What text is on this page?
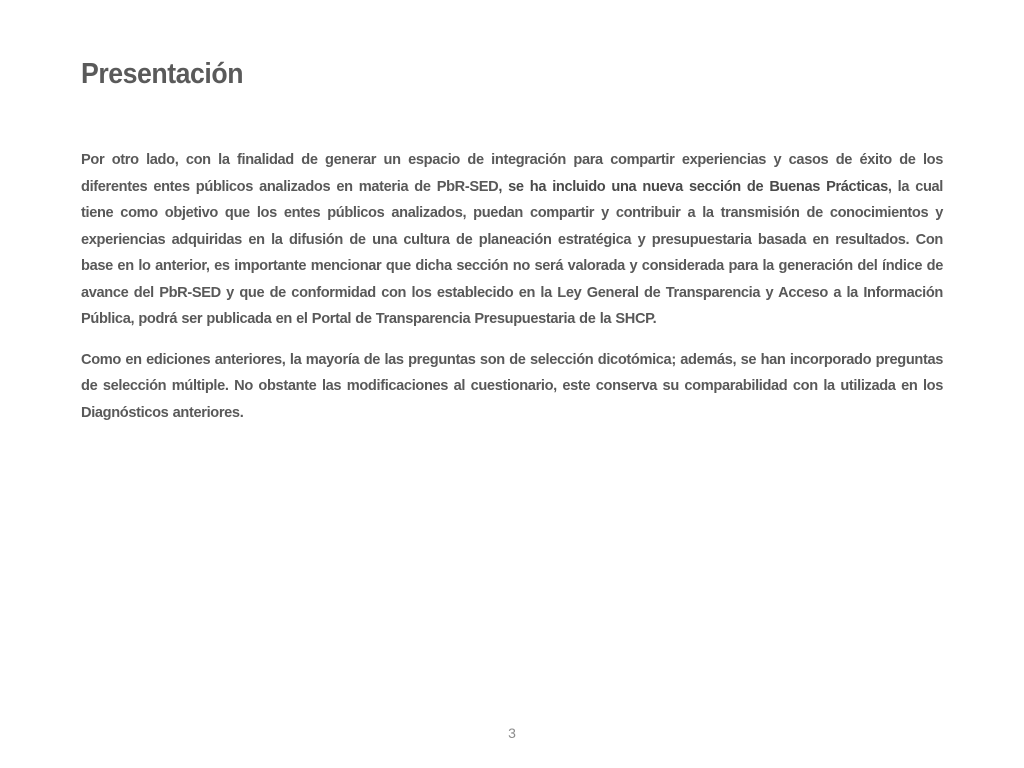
Presentación

Por otro lado, con la finalidad de generar un espacio de integración para compartir experiencias y casos de éxito de los diferentes entes públicos analizados en materia de PbR-SED, se ha incluido una nueva sección de Buenas Prácticas, la cual tiene como objetivo que los entes públicos analizados, puedan compartir y contribuir a la transmisión de conocimientos y experiencias adquiridas en la difusión de una cultura de planeación estratégica y presupuestaria basada en resultados. Con base en lo anterior, es importante mencionar que dicha sección no será valorada y considerada para la generación del índice de avance del PbR-SED y que de conformidad con los establecido en la Ley General de Transparencia y Acceso a la Información Pública, podrá ser publicada en el Portal de Transparencia Presupuestaria de la SHCP.

Como en ediciones anteriores, la mayoría de las preguntas son de selección dicotómica; además, se han incorporado preguntas de selección múltiple. No obstante las modificaciones al cuestionario, este conserva su comparabilidad con la utilizada en los Diagnósticos anteriores.

3
